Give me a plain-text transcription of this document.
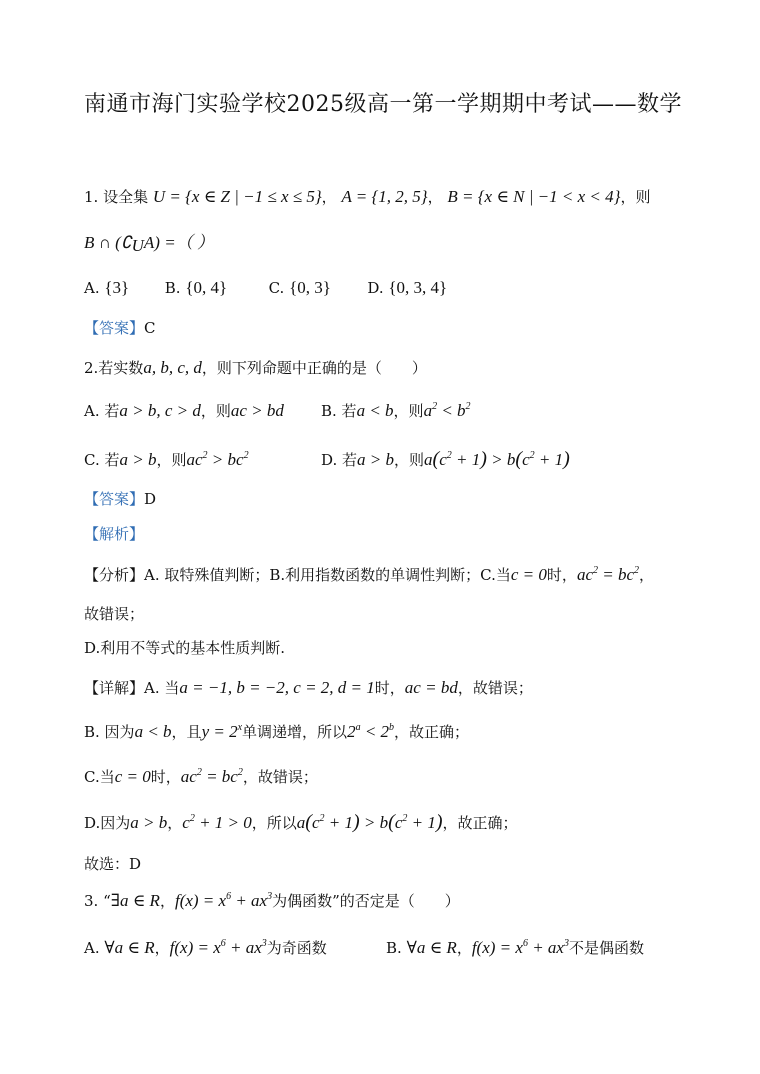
南通市海门实验学校2025级高一第一学期期中考试——数学
1. 设全集 U = {x ∈ Z | −1 ≤ x ≤ 5}， A = {1, 2, 5}， B = {x ∈ N | −1 < x < 4}，则
B ∩ $(∁_UA)$ =（ ）
A. {3} B. {0, 4}	C. {0, 3} D. {0, 3, 4}
【答案】C
2.若实数a, b, c, d，则下列命题中正确的是（　　）
A. 若a > b, c > d，则ac > bd B. 若a < b，则$a^2 < b^2$
C. 若a > b，则$ac^2 > bc^2$	D. 若a > b，则$a(c^2 + 1) > b(c^2 + 1)$
【答案】D
【解析】
【分析】A. 取特殊值判断；B.利用指数函数的单调性判断；C.当c = 0时，$ac^2 = bc^2$，
故错误；
D.利用不等式的基本性质判断.
【详解】A. 当a = −1, b = −2, c = 2, d = 1时，ac = bd，故错误；
B. 因为a < b，且$y = 2^x$单调递增，所以$2^a < 2^b$，故正确；
C.当c = 0时，$ac^2 = bc^2$，故错误；
D.因为a > b，$c^2 + 1 > 0$，所以$a(c^2 + 1) > b(c^2 + 1)$，故正确；
故选：D
3. “∃a ∈ R，$f(x) = x^6 + ax^3$为偶函数”的否定是（　　）
A. ∀a ∈ R，$f(x) = x^6 + ax^3$为奇函数	B. ∀a ∈ R，$f(x) = x^6 + ax^3$不是偶函数
